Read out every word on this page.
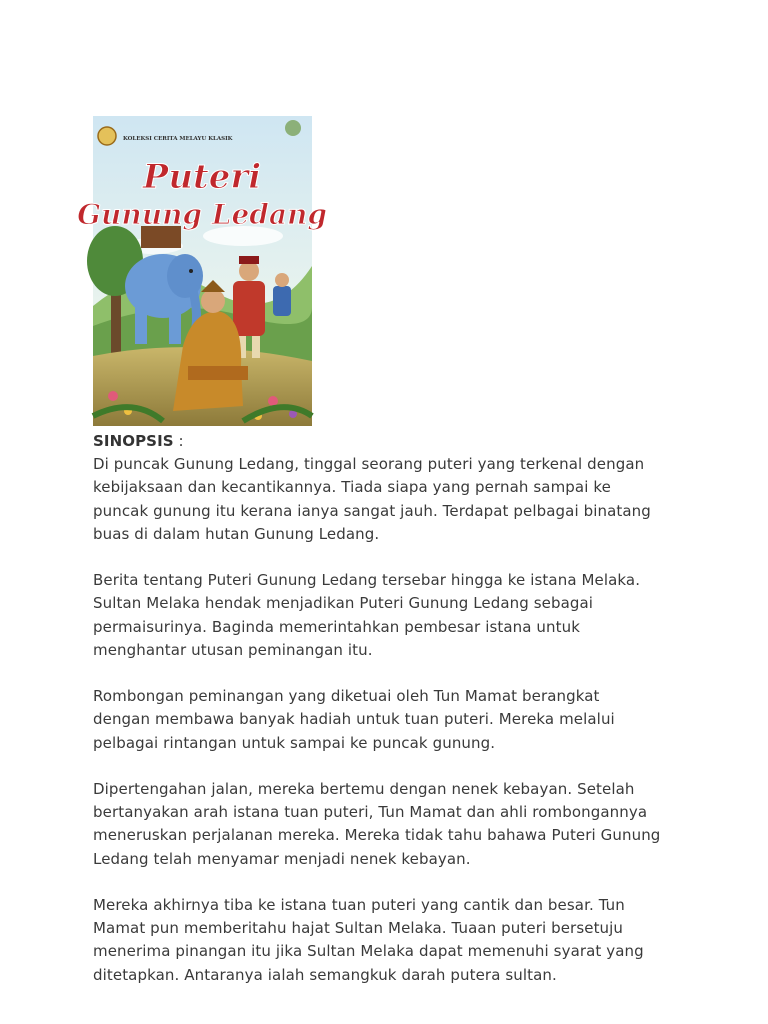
KOLEKSI CERITA MELAYU KLASIK
Puteri
Gunung Ledang
SINOPSIS :
Di puncak Gunung Ledang, tinggal seorang puteri yang terkenal dengan
kebijaksaan dan kecantikannya. Tiada siapa yang pernah sampai ke
puncak gunung itu kerana ianya sangat jauh. Terdapat pelbagai binatang
buas di dalam hutan Gunung Ledang.
Berita tentang Puteri Gunung Ledang tersebar hingga ke istana Melaka.
Sultan Melaka hendak menjadikan Puteri Gunung Ledang sebagai
permaisurinya. Baginda memerintahkan pembesar istana untuk
menghantar utusan peminangan itu.
Rombongan peminangan yang diketuai oleh Tun Mamat berangkat
dengan membawa banyak hadiah untuk tuan puteri. Mereka melalui
pelbagai rintangan untuk sampai ke puncak gunung.
Dipertengahan jalan, mereka bertemu dengan nenek kebayan. Setelah
bertanyakan arah istana tuan puteri, Tun Mamat dan ahli rombongannya
meneruskan perjalanan mereka. Mereka tidak tahu bahawa Puteri Gunung
Ledang telah menyamar menjadi nenek kebayan.
Mereka akhirnya tiba ke istana tuan puteri yang cantik dan besar. Tun
Mamat pun memberitahu hajat Sultan Melaka. Tuaan puteri bersetuju
menerima pinangan itu jika Sultan Melaka dapat memenuhi syarat yang
ditetapkan. Antaranya ialah semangkuk darah putera sultan.
